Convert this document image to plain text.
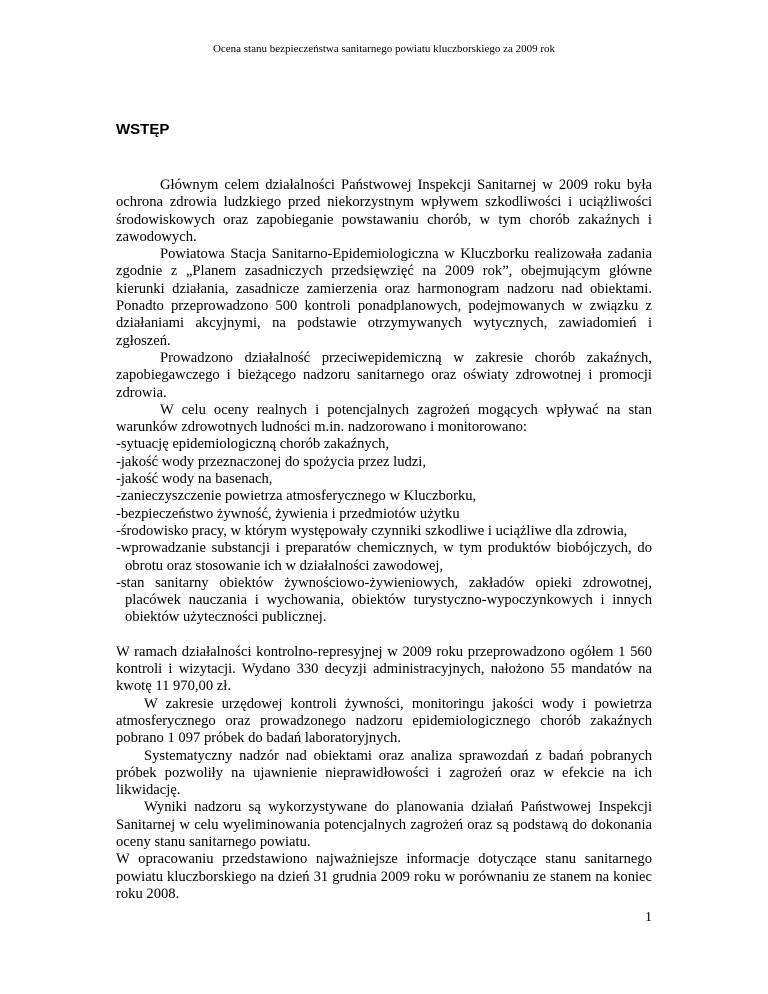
Ocena stanu bezpieczeństwa sanitarnego powiatu kluczborskiego za 2009 rok
WSTĘP

Głównym celem działalności Państwowej Inspekcji Sanitarnej w 2009 roku była ochrona zdrowia ludzkiego przed niekorzystnym wpływem szkodliwości i uciążliwości środowiskowych oraz zapobieganie powstawaniu chorób, w tym chorób zakaźnych i zawodowych.

Powiatowa Stacja Sanitarno-Epidemiologiczna w Kluczborku realizowała zadania zgodnie z „Planem zasadniczych przedsięwzięć na 2009 rok”, obejmującym główne kierunki działania, zasadnicze zamierzenia oraz harmonogram nadzoru nad obiektami. Ponadto przeprowadzono 500 kontroli ponadplanowych, podejmowanych w związku z działaniami akcyjnymi, na podstawie otrzymywanych wytycznych, zawiadomień i zgłoszeń.

Prowadzono działalność przeciwepidemiczną w zakresie chorób zakaźnych, zapobiegawczego i bieżącego nadzoru sanitarnego oraz oświaty zdrowotnej i promocji zdrowia.

W celu oceny realnych i potencjalnych zagrożeń mogących wpływać na stan warunków zdrowotnych ludności m.in. nadzorowano i monitorowano:

-sytuację epidemiologiczną chorób zakaźnych,
-jakość wody przeznaczonej do spożycia przez ludzi,
-jakość wody na basenach,
-zanieczyszczenie powietrza atmosferycznego w Kluczborku,
-bezpieczeństwo żywność, żywienia i przedmiotów użytku
-środowisko pracy, w którym występowały czynniki szkodliwe i uciążliwe dla zdrowia,
-wprowadzanie substancji i preparatów chemicznych, w tym produktów biobójczych, do obrotu oraz stosowanie ich w działalności zawodowej,
-stan sanitarny obiektów żywnościowo-żywieniowych, zakładów opieki zdrowotnej, placówek nauczania i wychowania, obiektów turystyczno-wypoczynkowych i innych obiektów użyteczności publicznej.

W ramach działalności kontrolno-represyjnej w 2009 roku przeprowadzono ogółem 1 560 kontroli i wizytacji. Wydano 330 decyzji administracyjnych, nałożono 55 mandatów na kwotę 11 970,00 zł.

W zakresie urzędowej kontroli żywności, monitoringu jakości wody i powietrza atmosferycznego oraz prowadzonego nadzoru epidemiologicznego chorób zakaźnych pobrano 1 097 próbek do badań laboratoryjnych.

Systematyczny nadzór nad obiektami oraz analiza sprawozdań z badań pobranych próbek pozwoliły na ujawnienie nieprawidłowości i zagrożeń oraz w efekcie na ich likwidację.

Wyniki nadzoru są wykorzystywane do planowania działań Państwowej Inspekcji Sanitarnej w celu wyeliminowania potencjalnych zagrożeń oraz są podstawą do dokonania oceny stanu sanitarnego powiatu.

W opracowaniu przedstawiono najważniejsze informacje dotyczące stanu sanitarnego powiatu kluczborskiego na dzień 31 grudnia 2009 roku w porównaniu ze stanem na koniec roku 2008.

1
